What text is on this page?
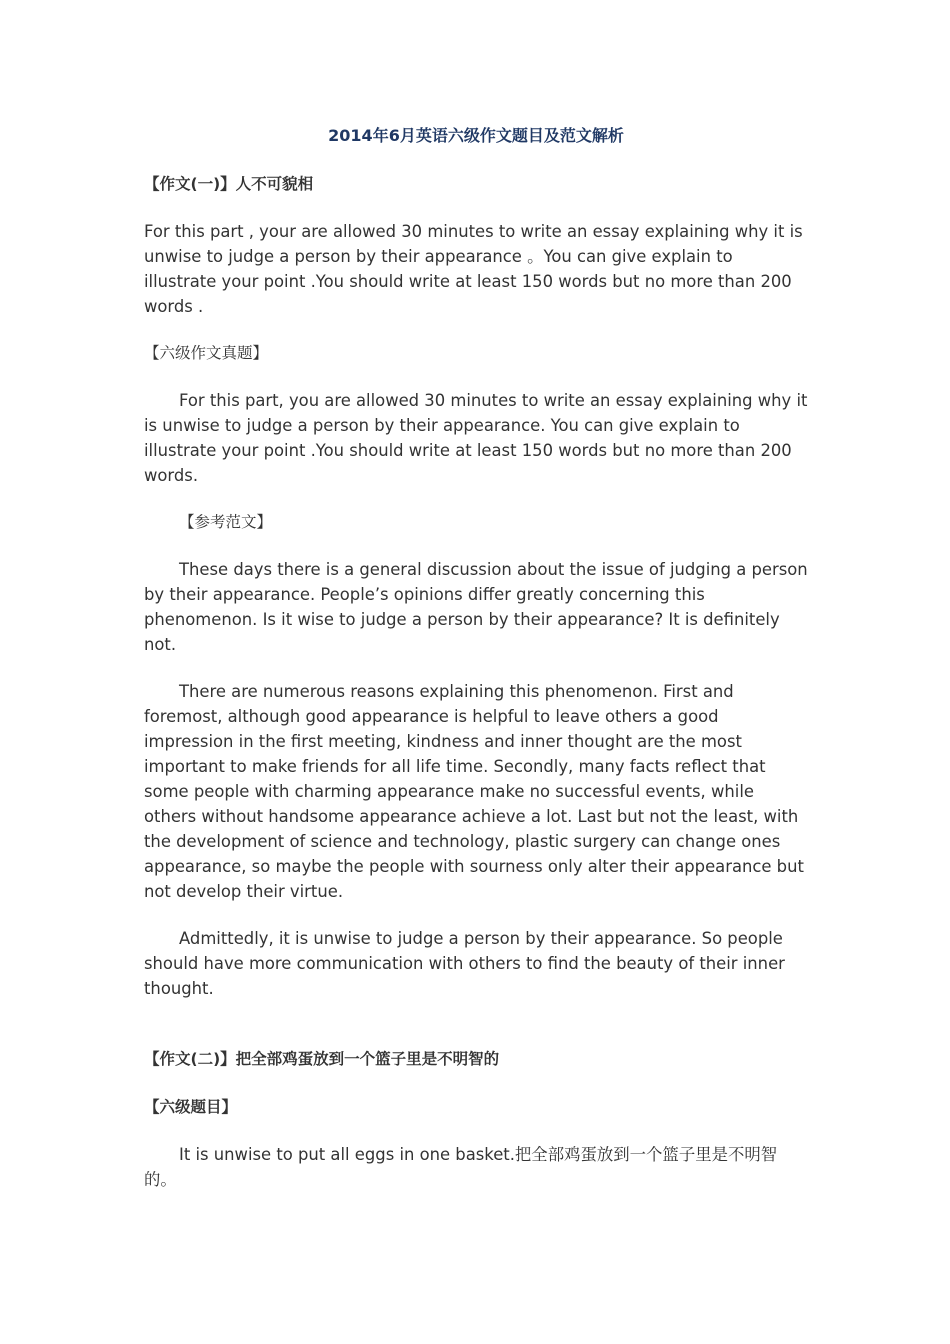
2014年6月英语六级作文题目及范文解析
【作文(一)】人不可貌相

For this part , your are allowed 30 minutes to write an essay explaining why it is unwise to judge a person by their appearance 。You can give explain to illustrate your point .You should write at least 150 words but no more than 200 words .

【六级作文真题】

For this part, you are allowed 30 minutes to write an essay explaining why it is unwise to judge a person by their appearance. You can give explain to illustrate your point .You should write at least 150 words but no more than 200 words.

【参考范文】

These days there is a general discussion about the issue of judging a person by their appearance. People’s opinions differ greatly concerning this phenomenon. Is it wise to judge a person by their appearance? It is definitely not.

There are numerous reasons explaining this phenomenon. First and foremost, although good appearance is helpful to leave others a good impression in the first meeting, kindness and inner thought are the most important to make friends for all life time. Secondly, many facts reflect that some people with charming appearance make no successful events, while others without handsome appearance achieve a lot. Last but not the least, with the development of science and technology, plastic surgery can change ones appearance, so maybe the people with sourness only alter their appearance but not develop their virtue.

Admittedly, it is unwise to judge a person by their appearance. So people should have more communication with others to find the beauty of their inner thought.

【作文(二)】把全部鸡蛋放到一个篮子里是不明智的
【六级题目】

It is unwise to put all eggs in one basket.把全部鸡蛋放到一个篮子里是不明智的。
